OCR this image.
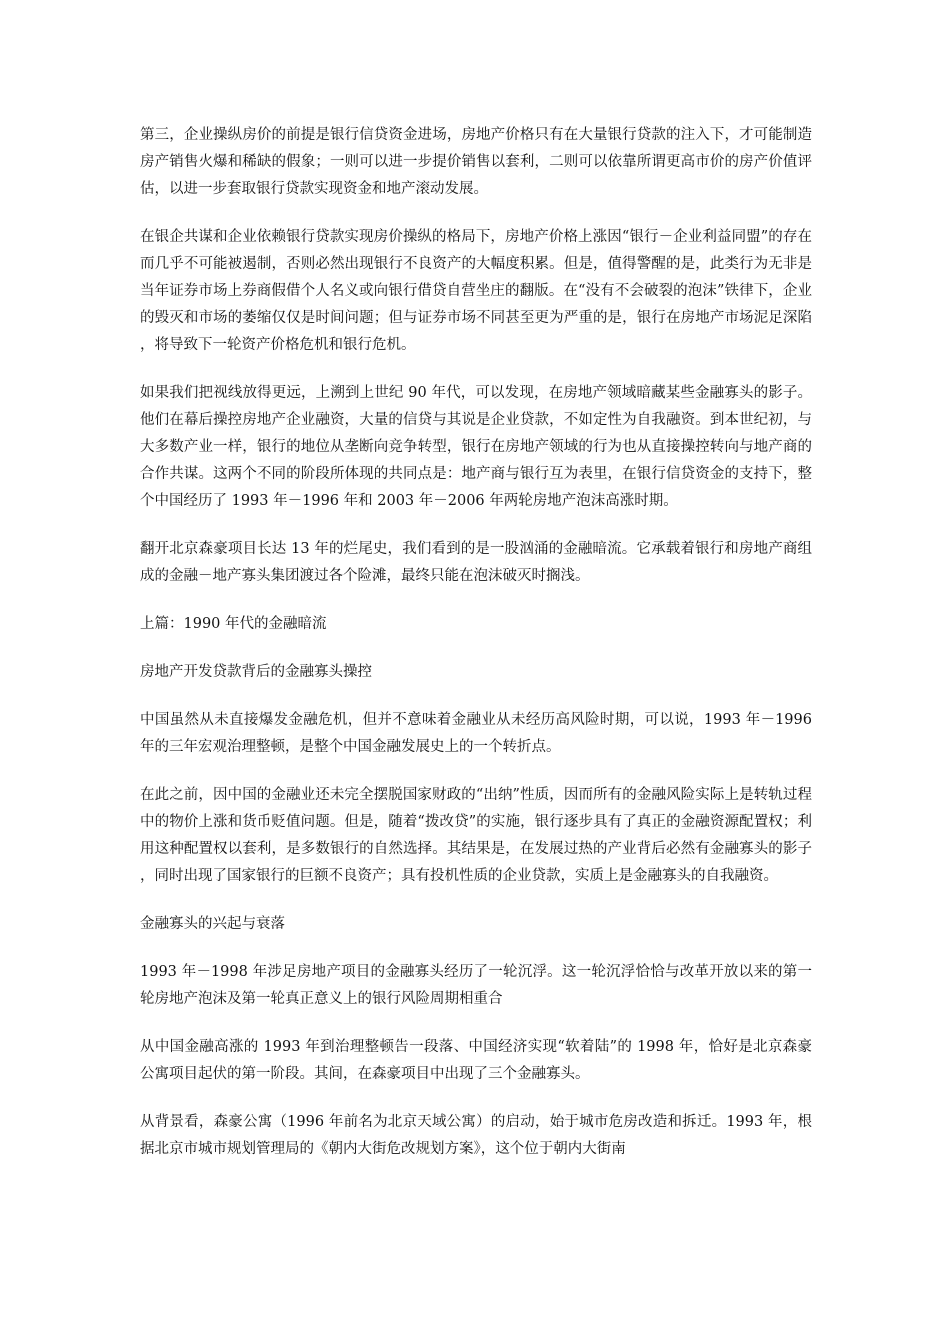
第三，企业操纵房价的前提是银行信贷资金进场，房地产价格只有在大量银行贷款的注入下，才可能制造房产销售火爆和稀缺的假象；一则可以进一步提价销售以套利，二则可以依靠所谓更高市价的房产价值评估，以进一步套取银行贷款实现资金和地产滚动发展。

在银企共谋和企业依赖银行贷款实现房价操纵的格局下，房地产价格上涨因“银行－企业利益同盟”的存在而几乎不可能被遏制，否则必然出现银行不良资产的大幅度积累。但是，值得警醒的是，此类行为无非是当年证券市场上券商假借个人名义或向银行借贷自营坐庄的翻版。在“没有不会破裂的泡沫”铁律下，企业的毁灭和市场的萎缩仅仅是时间问题；但与证券市场不同甚至更为严重的是，银行在房地产市场泥足深陷，将导致下一轮资产价格危机和银行危机。

如果我们把视线放得更远，上溯到上世纪 90 年代，可以发现，在房地产领域暗藏某些金融寡头的影子。他们在幕后操控房地产企业融资，大量的信贷与其说是企业贷款，不如定性为自我融资。到本世纪初，与大多数产业一样，银行的地位从垄断向竞争转型，银行在房地产领域的行为也从直接操控转向与地产商的合作共谋。这两个不同的阶段所体现的共同点是：地产商与银行互为表里，在银行信贷资金的支持下，整个中国经历了 1993 年－1996 年和 2003 年－2006 年两轮房地产泡沫高涨时期。

翻开北京森豪项目长达 13 年的烂尾史，我们看到的是一股汹涌的金融暗流。它承载着银行和房地产商组成的金融－地产寡头集团渡过各个险滩，最终只能在泡沫破灭时搁浅。

上篇：1990 年代的金融暗流

房地产开发贷款背后的金融寡头操控

中国虽然从未直接爆发金融危机，但并不意味着金融业从未经历高风险时期，可以说，1993 年－1996 年的三年宏观治理整顿，是整个中国金融发展史上的一个转折点。

在此之前，因中国的金融业还未完全摆脱国家财政的“出纳”性质，因而所有的金融风险实际上是转轨过程中的物价上涨和货币贬值问题。但是，随着“拨改贷”的实施，银行逐步具有了真正的金融资源配置权；利用这种配置权以套利，是多数银行的自然选择。其结果是，在发展过热的产业背后必然有金融寡头的影子，同时出现了国家银行的巨额不良资产；具有投机性质的企业贷款，实质上是金融寡头的自我融资。

金融寡头的兴起与衰落

1993 年－1998 年涉足房地产项目的金融寡头经历了一轮沉浮。这一轮沉浮恰恰与改革开放以来的第一轮房地产泡沫及第一轮真正意义上的银行风险周期相重合

从中国金融高涨的 1993 年到治理整顿告一段落、中国经济实现“软着陆”的 1998 年，恰好是北京森豪公寓项目起伏的第一阶段。其间，在森豪项目中出现了三个金融寡头。

从背景看，森豪公寓（1996 年前名为北京天域公寓）的启动，始于城市危房改造和拆迁。1993 年，根据北京市城市规划管理局的《朝内大街危改规划方案》，这个位于朝内大街南
